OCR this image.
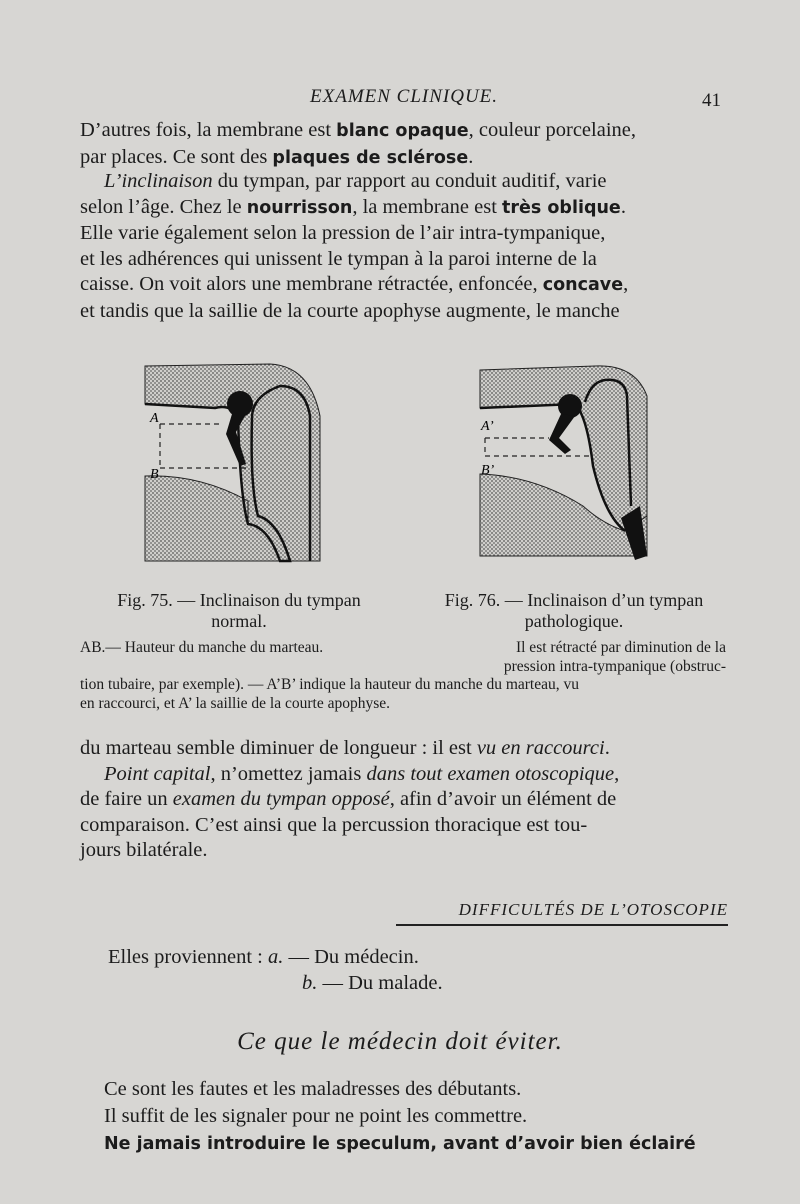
EXAMEN CLINIQUE.	41

D’autres fois, la membrane est blanc opaque, couleur porcelaine,

par places. Ce sont des plaques de sclérose.

L’inclinaison du tympan, par rapport au conduit auditif, varie

selon l’âge. Chez le nourrisson, la membrane est très oblique.

Elle varie également selon la pression de l’air intra-tympanique,

et les adhérences qui unissent le tympan à la paroi interne de la

caisse. On voit alors une membrane rétractée, enfoncée, concave,

et tandis que la saillie de la courte apophyse augmente, le manche

A
B
A’
B’
Fig. 75. — Inclinaison du tympan
normal.
Fig. 76. — Inclinaison d’un tympan
pathologique.
AB.— Hauteur du manche du marteau.	Il est rétracté par diminution de la
pression intra-tympanique (obstruc-
tion tubaire, par exemple). — A’B’ indique la hauteur du manche du marteau, vu
en raccourci, et A’ la saillie de la courte apophyse.

du marteau semble diminuer de longueur : il est vu en raccourci.

Point capital, n’omettez jamais dans tout examen otoscopique,

de faire un examen du tympan opposé, afin d’avoir un élément de

comparaison. C’est ainsi que la percussion thoracique est tou-

jours bilatérale.

DIFFICULTÉS DE L’OTOSCOPIE
Elles proviennent : a. — Du médecin.
b. — Du malade.
Ce que le médecin doit éviter.

Ce sont les fautes et les maladresses des débutants.

Il suffit de les signaler pour ne point les commettre.

Ne jamais introduire le speculum, avant d’avoir bien éclairé
